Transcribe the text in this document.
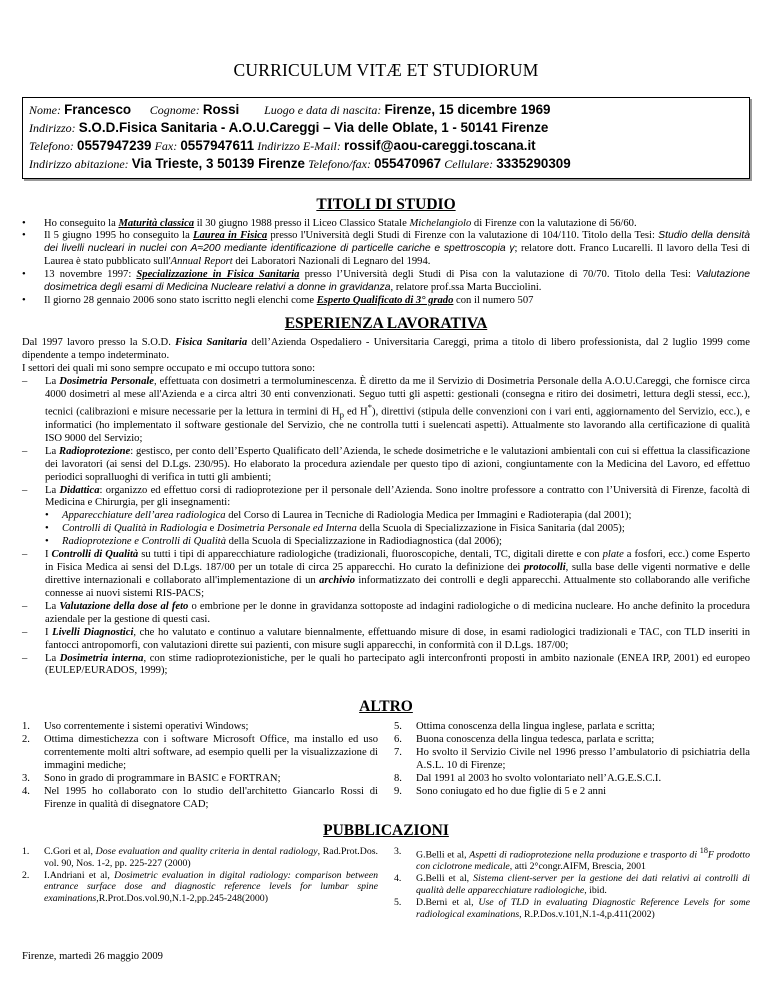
CURRICULUM VITÆ ET STUDIORUM
Nome: Francesco Cognome: Rossi Luogo e data di nascita: Firenze, 15 dicembre 1969
Indirizzo: S.O.D.Fisica Sanitaria - A.O.U.Careggi – Via delle Oblate, 1 - 50141 Firenze
Telefono: 0557947239 Fax: 0557947611 Indirizzo E-Mail: rossif@aou-careggi.toscana.it
Indirizzo abitazione: Via Trieste, 3 50139 Firenze Telefono/fax: 055470967 Cellulare: 3335290309
TITOLI DI STUDIO
• Ho conseguito la Maturità classica il 30 giugno 1988 presso il Liceo Classico Statale Michelangiolo di Firenze con la valutazione di 56/60.
• Il 5 giugno 1995 ho conseguito la Laurea in Fisica presso l'Università degli Studi di Firenze con la valutazione di 104/110. Titolo della Tesi: Studio della densità dei livelli nucleari in nuclei con A≈200 mediante identificazione di particelle cariche e spettroscopia γ; relatore dott. Franco Lucarelli. Il lavoro della Tesi di Laurea è stato pubblicato sull'Annual Report dei Laboratori Nazionali di Legnaro del 1994.
• 13 novembre 1997: Specializzazione in Fisica Sanitaria presso l’Università degli Studi di Pisa con la valutazione di 70/70. Titolo della Tesi: Valutazione dosimetrica degli esami di Medicina Nucleare relativi a donne in gravidanza, relatore prof.ssa Marta Bucciolini.
• Il giorno 28 gennaio 2006 sono stato iscritto negli elenchi come Esperto Qualificato di 3° grado con il numero 507
ESPERIENZA LAVORATIVA

Dal 1997 lavoro presso la S.O.D. Fisica Sanitaria dell’Azienda Ospedaliero - Universitaria Careggi, prima a titolo di libero professionista, dal 2 luglio 1999 come dipendente a tempo indeterminato.

I settori dei quali mi sono sempre occupato e mi occupo tuttora sono:

– La Dosimetria Personale, effettuata con dosimetri a termoluminescenza. È diretto da me il Servizio di Dosimetria Personale della A.O.U.Careggi, che fornisce circa 4000 dosimetri al mese all'Azienda e a circa altri 30 enti convenzionati. Seguo tutti gli aspetti: gestionali (consegna e ritiro dei dosimetri, lettura degli stessi, ecc.), tecnici (calibrazioni e misure necessarie per la lettura in termini di $H_p$ ed H*), direttivi (stipula delle convenzioni con i vari enti, aggiornamento del Servizio, ecc.), e informatici (ho implementato il software gestionale del Servizio, che ne controlla tutti i suelencati aspetti). Attualmente sto lavorando alla certificazione di qualità ISO 9000 del Servizio;
– La Radioprotezione: gestisco, per conto dell’Esperto Qualificato dell’Azienda, le schede dosimetriche e le valutazioni ambientali con cui si effettua la classificazione dei lavoratori (ai sensi del D.Lgs. 230/95). Ho elaborato la procedura aziendale per questo tipo di azioni, congiuntamente con la Medicina del Lavoro, ed effettuo periodici sopralluoghi di verifica in tutti gli ambienti;
– La Didattica: organizzo ed effettuo corsi di radioprotezione per il personale dell’Azienda. Sono inoltre professore a contratto con l’Università di Firenze, facoltà di Medicina e Chirurgia, per gli insegnamenti:
• Apparecchiature dell’area radiologica del Corso di Laurea in Tecniche di Radiologia Medica per Immagini e Radioterapia (dal 2001);
• Controlli di Qualità in Radiologia e Dosimetria Personale ed Interna della Scuola di Specializzazione in Fisica Sanitaria (dal 2005);
• Radioprotezione e Controlli di Qualità della Scuola di Specializzazione in Radiodiagnostica (dal 2006);
– I Controlli di Qualità su tutti i tipi di apparecchiature radiologiche (tradizionali, fluoroscopiche, dentali, TC, digitali dirette e con plate a fosfori, ecc.) come Esperto in Fisica Medica ai sensi del D.Lgs. 187/00 per un totale di circa 25 apparecchi. Ho curato la definizione dei protocolli, sulla base delle vigenti normative e delle direttive internazionali e collaborato all'implementazione di un archivio informatizzato dei controlli e degli apparecchi. Attualmente sto collaborando alle verifiche connesse ai nuovi sistemi RIS-PACS;
– La Valutazione della dose al feto o embrione per le donne in gravidanza sottoposte ad indagini radiologiche o di medicina nucleare. Ho anche definito la procedura aziendale per la gestione di questi casi.
– I Livelli Diagnostici, che ho valutato e continuo a valutare biennalmente, effettuando misure di dose, in esami radiologici tradizionali e TAC, con TLD inseriti in fantocci antropomorfi, con valutazioni dirette sui pazienti, con misure sugli apparecchi, in conformità con il D.Lgs. 187/00;
– La Dosimetria interna, con stime radioprotezionistiche, per le quali ho partecipato agli interconfronti proposti in ambito nazionale (ENEA IRP, 2001) ed europeo (EULEP/EURADOS, 1999);
ALTRO
1. Uso correntemente i sistemi operativi Windows;
2. Ottima dimestichezza con i software Microsoft Office, ma installo ed uso correntemente molti altri software, ad esempio quelli per la visualizzazione di immagini mediche;
3. Sono in grado di programmare in BASIC e FORTRAN;
4. Nel 1995 ho collaborato con lo studio dell'architetto Giancarlo Rossi di Firenze in qualità di disegnatore CAD;
5. Ottima conoscenza della lingua inglese, parlata e scritta;
6. Buona conoscenza della lingua tedesca, parlata e scritta;
7. Ho svolto il Servizio Civile nel 1996 presso l’ambulatorio di psichiatria della A.S.L. 10 di Firenze;
8. Dal 1991 al 2003 ho svolto volontariato nell’A.G.E.S.C.I.
9. Sono coniugato ed ho due figlie di 5 e 2 anni
PUBBLICAZIONI
1. C.Gori et al, Dose evaluation and quality criteria in dental radiology, Rad.Prot.Dos. vol. 90, Nos. 1-2, pp. 225-227 (2000)
2. I.Andriani et al, Dosimetric evaluation in digital radiology: comparison between entrance surface dose and diagnostic reference levels for lumbar spine examinations,R.Prot.Dos.vol.90,N.1-2,pp.245-248(2000)
3. G.Belli et al, Aspetti di radioprotezione nella produzione e trasporto di $^{18}$F prodotto con ciclotrone medicale, atti 2°congr.AIFM, Brescia, 2001
4. G.Belli et al, Sistema client-server per la gestione dei dati relativi ai controlli di qualità delle apparecchiature radiologiche, ibid.
5. D.Berni et al, Use of TLD in evaluating Diagnostic Reference Levels for some radiological examinations, R.P.Dos.v.101,N.1-4,p.411(2002)
Firenze, martedì 26 maggio 2009
